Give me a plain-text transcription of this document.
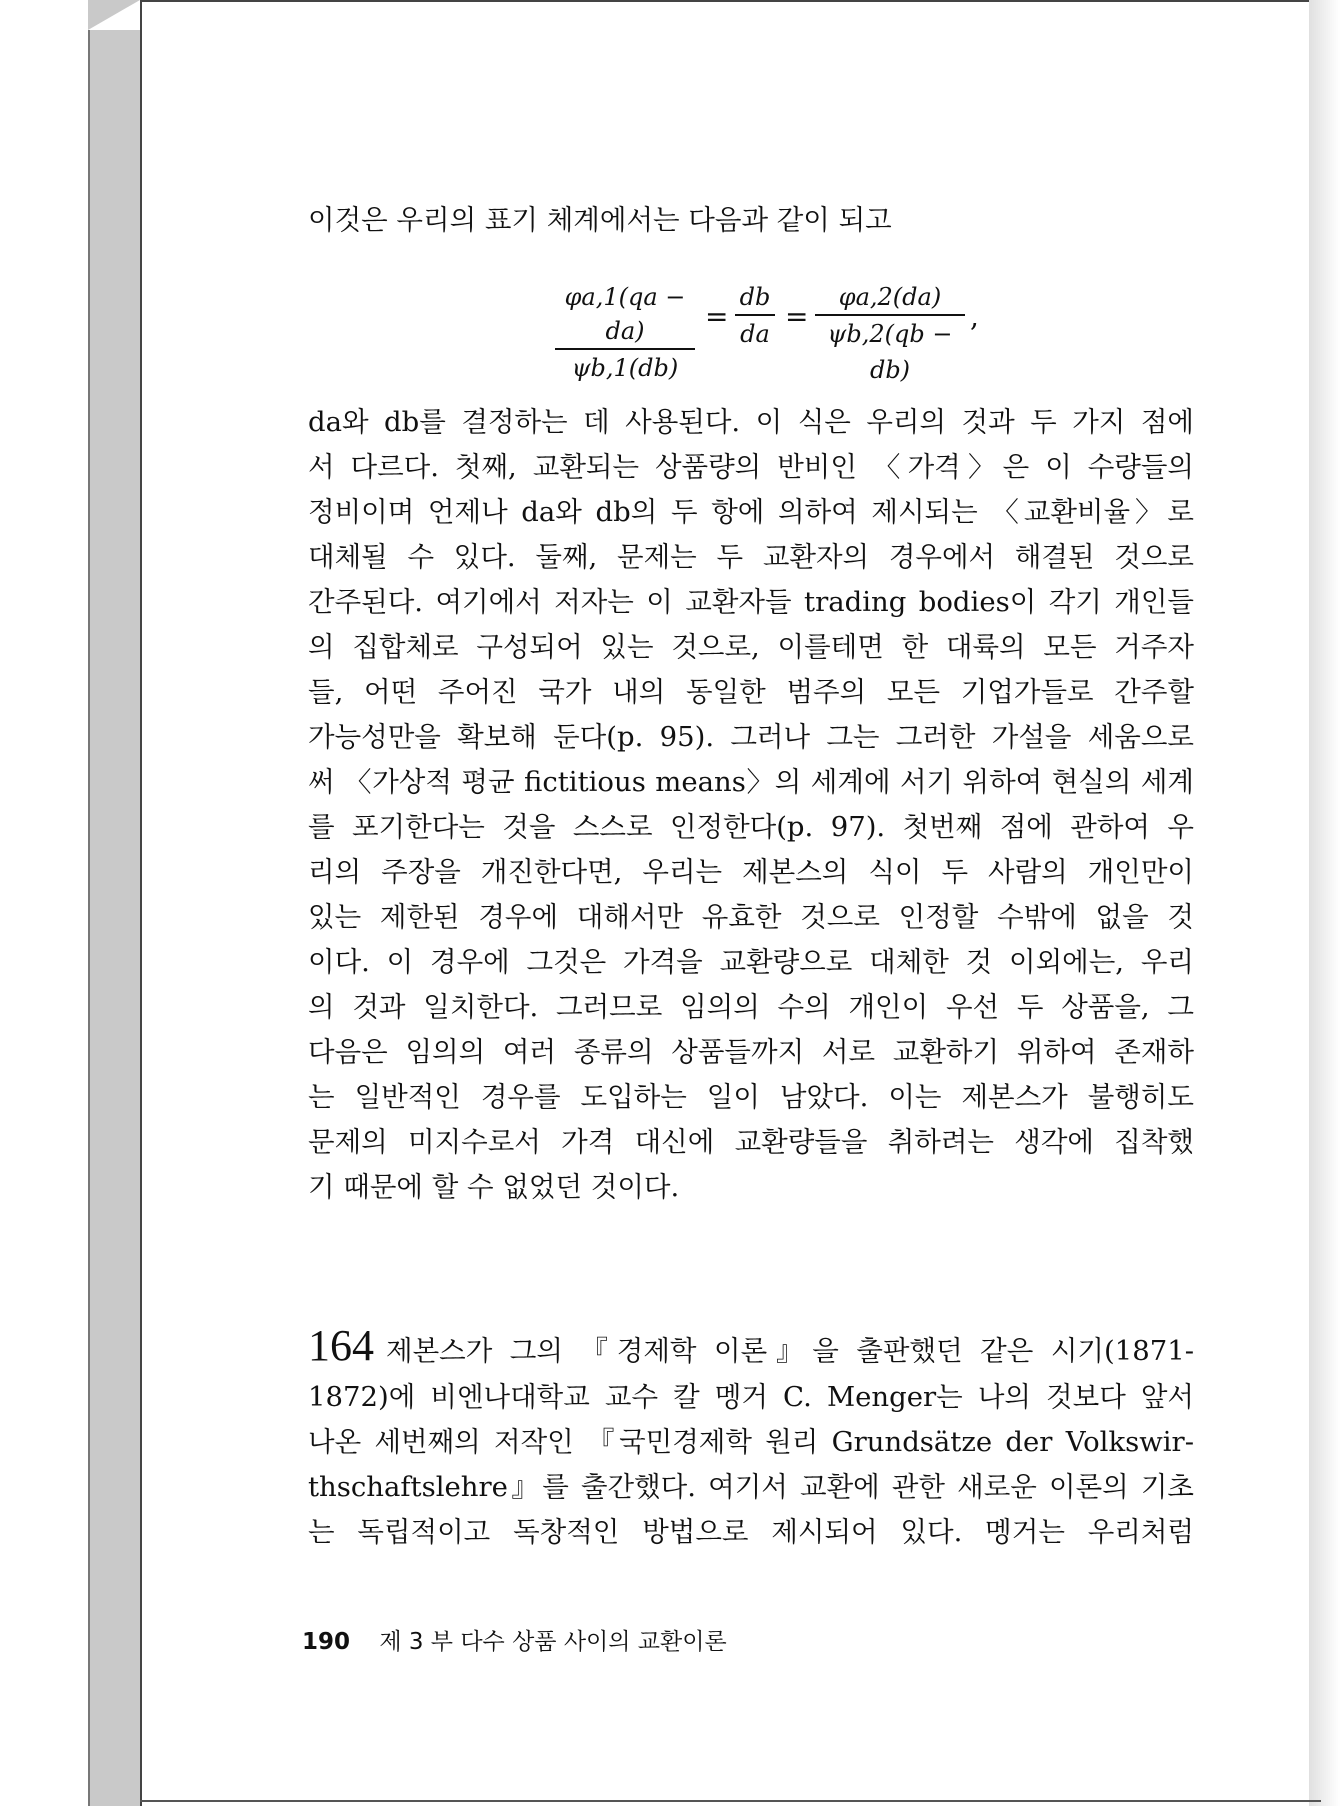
이것은 우리의 표기 체계에서는 다음과 같이 되고
φa,1(qa − da)
ψb,1(db)
=
db
da
=
φa,2(da)
ψb,2(qb − db)
,
da와 db를 결정하는 데 사용된다. 이 식은 우리의 것과 두 가지 점에
서 다르다. 첫째, 교환되는 상품량의 반비인 〈가격〉은 이 수량들의
정비이며 언제나 da와 db의 두 항에 의하여 제시되는 〈교환비율〉로
대체될 수 있다. 둘째, 문제는 두 교환자의 경우에서 해결된 것으로
간주된다. 여기에서 저자는 이 교환자들 trading bodies이 각기 개인들
의 집합체로 구성되어 있는 것으로, 이를테면 한 대륙의 모든 거주자
들, 어떤 주어진 국가 내의 동일한 범주의 모든 기업가들로 간주할
가능성만을 확보해 둔다(p. 95). 그러나 그는 그러한 가설을 세움으로
써 〈가상적 평균 fictitious means〉의 세계에 서기 위하여 현실의 세계
를 포기한다는 것을 스스로 인정한다(p. 97). 첫번째 점에 관하여 우
리의 주장을 개진한다면, 우리는 제본스의 식이 두 사람의 개인만이
있는 제한된 경우에 대해서만 유효한 것으로 인정할 수밖에 없을 것
이다. 이 경우에 그것은 가격을 교환량으로 대체한 것 이외에는, 우리
의 것과 일치한다. 그러므로 임의의 수의 개인이 우선 두 상품을, 그
다음은 임의의 여러 종류의 상품들까지 서로 교환하기 위하여 존재하
는 일반적인 경우를 도입하는 일이 남았다. 이는 제본스가 불행히도
문제의 미지수로서 가격 대신에 교환량들을 취하려는 생각에 집착했
기 때문에 할 수 없었던 것이다.
164 제본스가 그의 『경제학 이론』을 출판했던 같은 시기(1871-
1872)에 비엔나대학교 교수 칼 멩거 C. Menger는 나의 것보다 앞서
나온 세번째의 저작인 『국민경제학 원리 Grundsätze der Volkswir-
thschaftslehre』를 출간했다. 여기서 교환에 관한 새로운 이론의 기초
는 독립적이고 독창적인 방법으로 제시되어 있다. 멩거는 우리처럼
190 제 3 부 다수 상품 사이의 교환이론
